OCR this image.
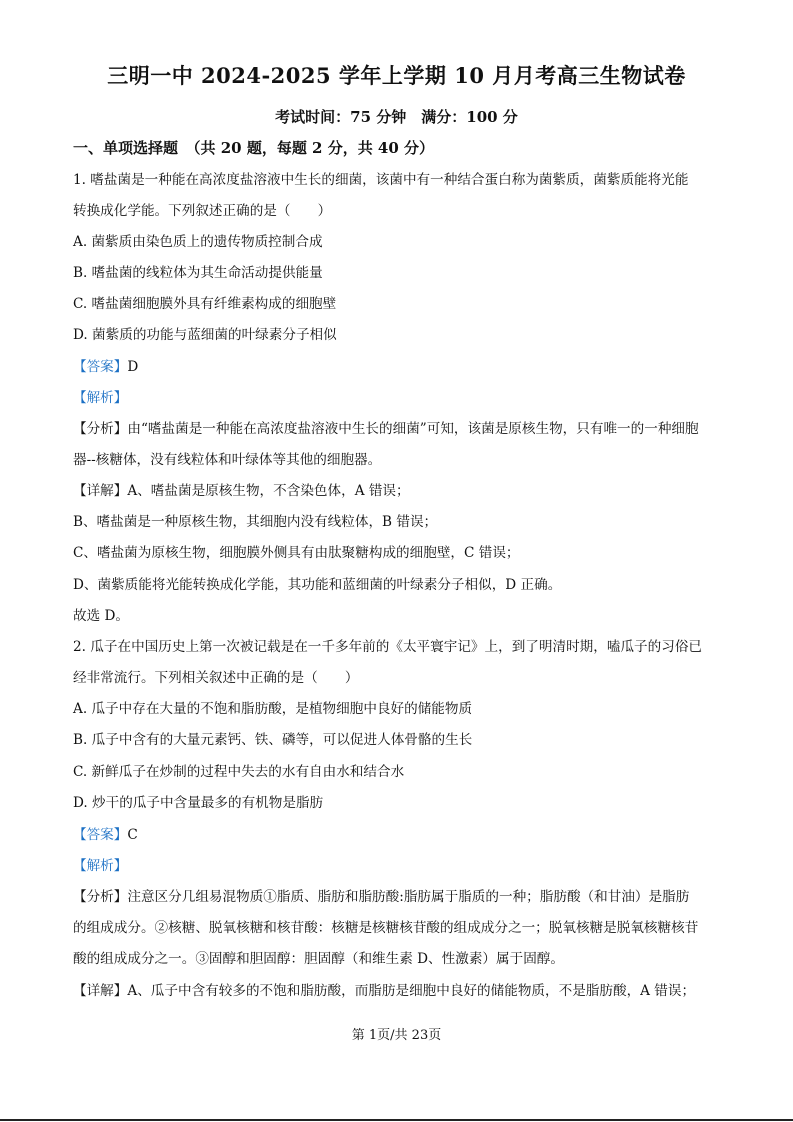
三明一中 2024-2025 学年上学期 10 月月考高三生物试卷
考试时间：75 分钟　满分：100 分
一、单项选择题　（共 20 题，每题 2 分，共 40 分）
1. 嗜盐菌是一种能在高浓度盐溶液中生长的细菌，该菌中有一种结合蛋白称为菌紫质，菌紫质能将光能
转换成化学能。下列叙述正确的是（　　）
A. 菌紫质由染色质上的遗传物质控制合成
B. 嗜盐菌的线粒体为其生命活动提供能量
C. 嗜盐菌细胞膜外具有纤维素构成的细胞壁
D. 菌紫质的功能与蓝细菌的叶绿素分子相似
【答案】D
【解析】
【分析】由“嗜盐菌是一种能在高浓度盐溶液中生长的细菌”可知，该菌是原核生物，只有唯一的一种细胞
器--核糖体，没有线粒体和叶绿体等其他的细胞器。
【详解】A、嗜盐菌是原核生物，不含染色体，A 错误；
B、嗜盐菌是一种原核生物，其细胞内没有线粒体，B 错误；
C、嗜盐菌为原核生物，细胞膜外侧具有由肽聚糖构成的细胞壁，C 错误；
D、菌紫质能将光能转换成化学能，其功能和蓝细菌的叶绿素分子相似，D 正确。
故选 D。
2. 瓜子在中国历史上第一次被记载是在一千多年前的《太平寰宇记》上，到了明清时期，嗑瓜子的习俗已
经非常流行。下列相关叙述中正确的是（　　）
A. 瓜子中存在大量的不饱和脂肪酸，是植物细胞中良好的储能物质
B. 瓜子中含有的大量元素钙、铁、磷等，可以促进人体骨骼的生长
C. 新鲜瓜子在炒制的过程中失去的水有自由水和结合水
D. 炒干的瓜子中含量最多的有机物是脂肪
【答案】C
【解析】
【分析】注意区分几组易混物质①脂质、脂肪和脂肪酸:脂肪属于脂质的一种；脂肪酸（和甘油）是脂肪
的组成成分。②核糖、脱氧核糖和核苷酸：核糖是核糖核苷酸的组成成分之一；脱氧核糖是脱氧核糖核苷
酸的组成成分之一。③固醇和胆固醇：胆固醇（和维生素 D、性激素）属于固醇。
【详解】A、瓜子中含有较多的不饱和脂肪酸，而脂肪是细胞中良好的储能物质，不是脂肪酸，A 错误；
第 1页/共 23页
